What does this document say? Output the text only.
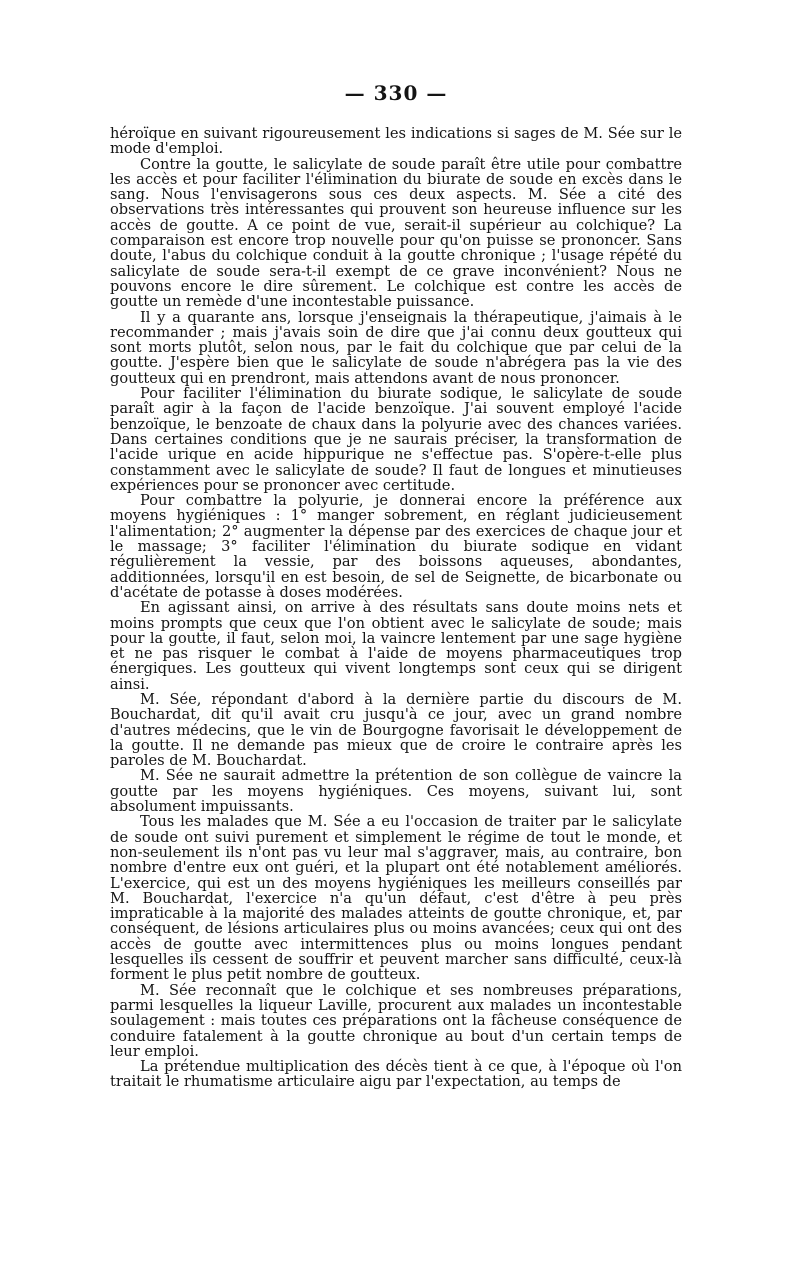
— 330 —

héroïque en suivant rigoureusement les indications si sages de M. Sée sur le mode d'emploi.

Contre la goutte, le salicylate de soude paraît être utile pour combattre les accès et pour faciliter l'élimination du biurate de soude en excès dans le sang. Nous l'envisagerons sous ces deux aspects. M. Sée a cité des observations très intéressantes qui prouvent son heureuse influence sur les accès de goutte. A ce point de vue, serait-il supérieur au colchique? La comparaison est encore trop nouvelle pour qu'on puisse se prononcer. Sans doute, l'abus du colchique conduit à la goutte chronique ; l'usage répété du salicylate de soude sera-t-il exempt de ce grave inconvénient? Nous ne pouvons encore le dire sûrement. Le colchique est contre les accès de goutte un remède d'une incontestable puissance.

Il y a quarante ans, lorsque j'enseignais la thérapeutique, j'aimais à le recommander ; mais j'avais soin de dire que j'ai connu deux goutteux qui sont morts plutôt, selon nous, par le fait du colchique que par celui de la goutte. J'espère bien que le salicylate de soude n'abrégera pas la vie des goutteux qui en prendront, mais attendons avant de nous prononcer.

Pour faciliter l'élimination du biurate sodique, le salicylate de soude paraît agir à la façon de l'acide benzoïque. J'ai souvent employé l'acide benzoïque, le benzoate de chaux dans la polyurie avec des chances variées. Dans certaines conditions que je ne saurais préciser, la transformation de l'acide urique en acide hippurique ne s'effectue pas. S'opère-t-elle plus constamment avec le salicylate de soude? Il faut de longues et minutieuses expériences pour se prononcer avec certitude.

Pour combattre la polyurie, je donnerai encore la préférence aux moyens hygiéniques : 1° manger sobrement, en réglant judicieusement l'alimentation; 2° augmenter la dépense par des exercices de chaque jour et le massage; 3° faciliter l'élimination du biurate sodique en vidant régulièrement la vessie, par des boissons aqueuses, abondantes, additionnées, lorsqu'il en est besoin, de sel de Seignette, de bicarbonate ou d'acétate de potasse à doses modérées.

En agissant ainsi, on arrive à des résultats sans doute moins nets et moins prompts que ceux que l'on obtient avec le salicylate de soude; mais pour la goutte, il faut, selon moi, la vaincre lentement par une sage hygiène et ne pas risquer le combat à l'aide de moyens pharmaceutiques trop énergiques. Les goutteux qui vivent longtemps sont ceux qui se dirigent ainsi.

M. Sée, répondant d'abord à la dernière partie du discours de M. Bouchardat, dit qu'il avait cru jusqu'à ce jour, avec un grand nombre d'autres médecins, que le vin de Bourgogne favorisait le développement de la goutte. Il ne demande pas mieux que de croire le contraire après les paroles de M. Bouchardat.

M. Sée ne saurait admettre la prétention de son collègue de vaincre la goutte par les moyens hygiéniques. Ces moyens, suivant lui, sont absolument impuissants.

Tous les malades que M. Sée a eu l'occasion de traiter par le salicylate de soude ont suivi purement et simplement le régime de tout le monde, et non-seulement ils n'ont pas vu leur mal s'aggraver, mais, au contraire, bon nombre d'entre eux ont guéri, et la plupart ont été notablement améliorés. L'exercice, qui est un des moyens hygiéniques les meilleurs conseillés par M. Bouchardat, l'exercice n'a qu'un défaut, c'est d'être à peu près impraticable à la majorité des malades atteints de goutte chronique, et, par conséquent, de lésions articulaires plus ou moins avancées; ceux qui ont des accès de goutte avec intermittences plus ou moins longues pendant lesquelles ils cessent de souffrir et peuvent marcher sans difficulté, ceux-là forment le plus petit nombre de goutteux.

M. Sée reconnaît que le colchique et ses nombreuses préparations, parmi lesquelles la liqueur Laville, procurent aux malades un incontestable soulagement : mais toutes ces préparations ont la fâcheuse conséquence de conduire fatalement à la goutte chronique au bout d'un certain temps de leur emploi.

La prétendue multiplication des décès tient à ce que, à l'époque où l'on traitait le rhumatisme articulaire aigu par l'expectation, au temps de
